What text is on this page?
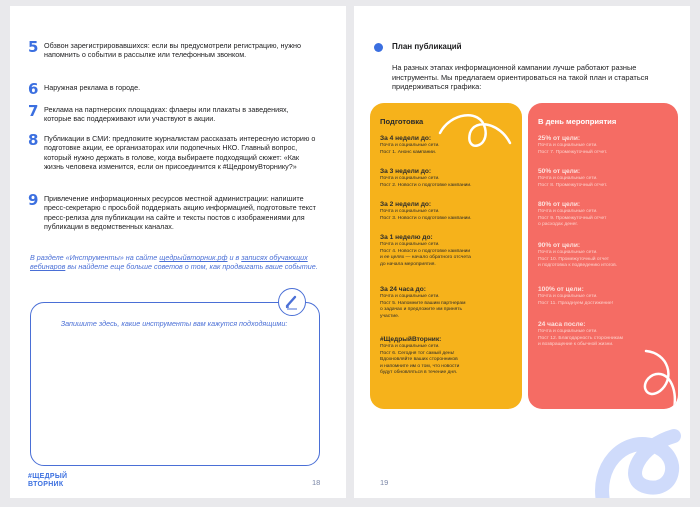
5 Обзвон зарегистрировавшихся: если вы предусмотрели регистрацию, нужно напомнить о событии в рассылке или телефонным звонком.
6 Наружная реклама в городе.
7 Реклама на партнерских площадках: флаеры или плакаты в заведениях, которые вас поддерживают или участвуют в акции.
8 Публикации в СМИ: предложите журналистам рассказать интересную историю о подготовке акции, ее организаторах или подопечных НКО. Главный вопрос, который нужно держать в голове, когда выбираете подходящий сюжет: «Как жизнь человека изменится, если он присоединится к #ЩедромуВторнику?»
9 Привлечение информационных ресурсов местной администрации: напишите пресс-секретарю с просьбой поддержать акцию информацией, подготовьте текст пресс-релиза для публикации на сайте и тексты постов с изображениями для публикации в ведомственных каналах.
В разделе «Инструменты» на сайте щедрыйвторник.рф и в записях обучающих вебинаров вы найдете еще больше советов о том, как продвигать ваше событие.
Запишите здесь, какие инструменты вам кажутся подходящими:
#ЩЕДРЫЙ
ВТОРНИК	18
План публикаций
На разных этапах информационной кампании лучше работают разные инструменты. Мы предлагаем ориентироваться на такой план и стараться придерживаться графика:
Подготовка
За 4 недели до:
Почта и социальные сети.
Пост 1. Анонс кампании.
За 3 недели до:
Почта и социальные сети.
Пост 2. Новости о подготовке кампании.
За 2 недели до:
Почта и социальные сети.
Пост 3. Новости о подготовке кампании.
За 1 неделю до:
Почта и социальные сети.
Пост 4. Новости о подготовке кампании
и ее целях — начало обратного отсчета
до начала мероприятия.
За 24 часа до:
Почта и социальные сети.
Пост 5. Напомните вашим партнерам
о задачах и предложите им принять
участие.
#ЩедрыйВторник:
Почта и социальные сети.
Пост 6. Сегодня тот самый день!
Вдохновляйте ваших сторонников
и напомните им о том, что новости
будут обновляться в течение дня.
В день мероприятия
25% от цели:
Почта и социальные сети.
Пост 7. Промежуточный отчет.
50% от цели:
Почта и социальные сети.
Пост 8. Промежуточный отчет.
80% от цели:
Почта и социальные сети.
Пост 9. Промежуточный отчет
о расходах денег.
90% от цели:
Почта и социальные сети.
Пост 10. Промежуточный отчет
и подготовка к подведению итогов.
100% от цели:
Почта и социальные сети.
Пост 11. Празднуем достижение!
24 часа после:
Почта и социальные сети.
Пост 12. Благодарность сторонникам
и возвращение к обычной жизни.
19
